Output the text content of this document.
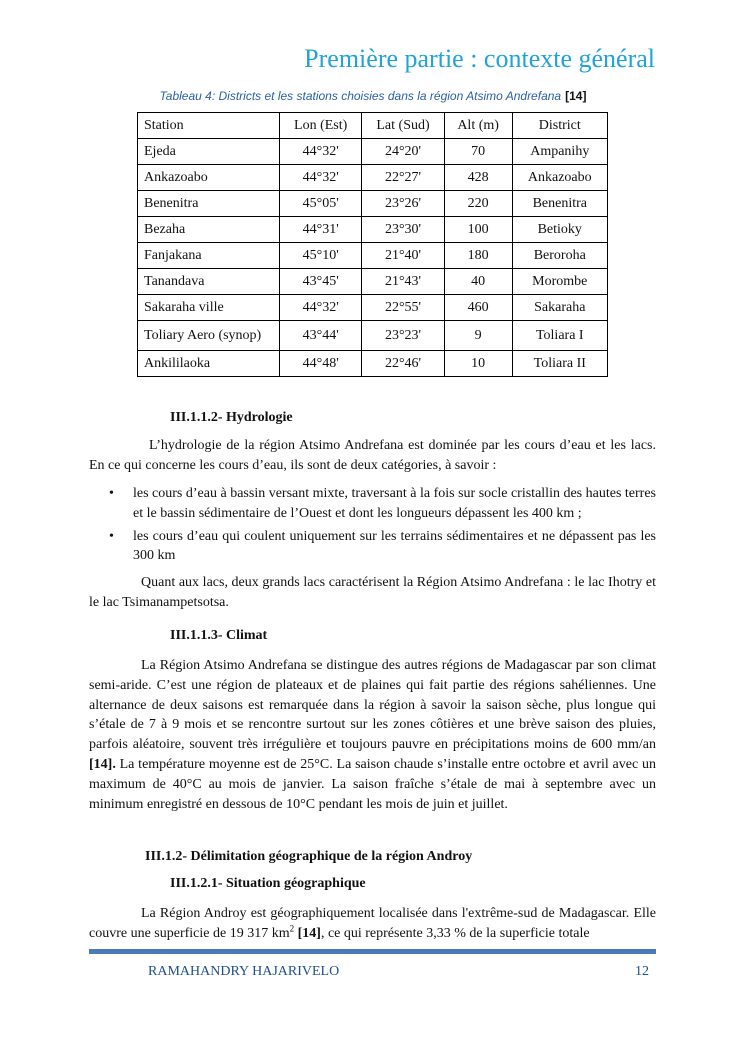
Première partie : contexte général
Tableau 4: Districts et les stations choisies dans la région Atsimo Andrefana [14]
Station	Lon (Est)	Lat (Sud)	Alt (m)	District
Ejeda	44°32'	24°20'	70	Ampanihy
Ankazoabo	44°32'	22°27'	428	Ankazoabo
Benenitra	45°05'	23°26'	220	Benenitra
Bezaha	44°31'	23°30'	100	Betioky
Fanjakana	45°10'	21°40'	180	Beroroha
Tanandava	43°45'	21°43'	40	Morombe
Sakaraha ville	44°32'	22°55'	460	Sakaraha
Toliary Aero (synop)	43°44'	23°23'	9	Toliara I
Ankililaoka	44°48'	22°46'	10	Toliara II
III.1.1.2- Hydrologie
L’hydrologie de la région Atsimo Andrefana est dominée par les cours d’eau et les lacs. En ce qui concerne les cours d’eau, ils sont de deux catégories, à savoir :
• les cours d’eau à bassin versant mixte, traversant à la fois sur socle cristallin des hautes terres et le bassin sédimentaire de l’Ouest et dont les longueurs dépassent les 400 km ;
• les cours d’eau qui coulent uniquement sur les terrains sédimentaires et ne dépassent pas les 300 km
Quant aux lacs, deux grands lacs caractérisent la Région Atsimo Andrefana : le lac Ihotry et le lac Tsimanampetsotsa.
III.1.1.3- Climat
La Région Atsimo Andrefana se distingue des autres régions de Madagascar par son climat semi-aride. C’est une région de plateaux et de plaines qui fait partie des régions sahéliennes. Une alternance de deux saisons est remarquée dans la région à savoir la saison sèche, plus longue qui s’étale de 7 à 9 mois et se rencontre surtout sur les zones côtières et une brève saison des pluies, parfois aléatoire, souvent très irrégulière et toujours pauvre en précipitations moins de 600 mm/an [14]. La température moyenne est de 25°C. La saison chaude s’installe entre octobre et avril avec un maximum de 40°C au mois de janvier. La saison fraîche s’étale de mai à septembre avec un minimum enregistré en dessous de 10°C pendant les mois de juin et juillet.
III.1.2- Délimitation géographique de la région Androy
III.1.2.1- Situation géographique
La Région Androy est géographiquement localisée dans l'extrême-sud de Madagascar. Elle couvre une superficie de 19 317 $km^2$ [14], ce qui représente 3,33 % de la superficie totale
RAMAHANDRY HAJARIVELO	12
